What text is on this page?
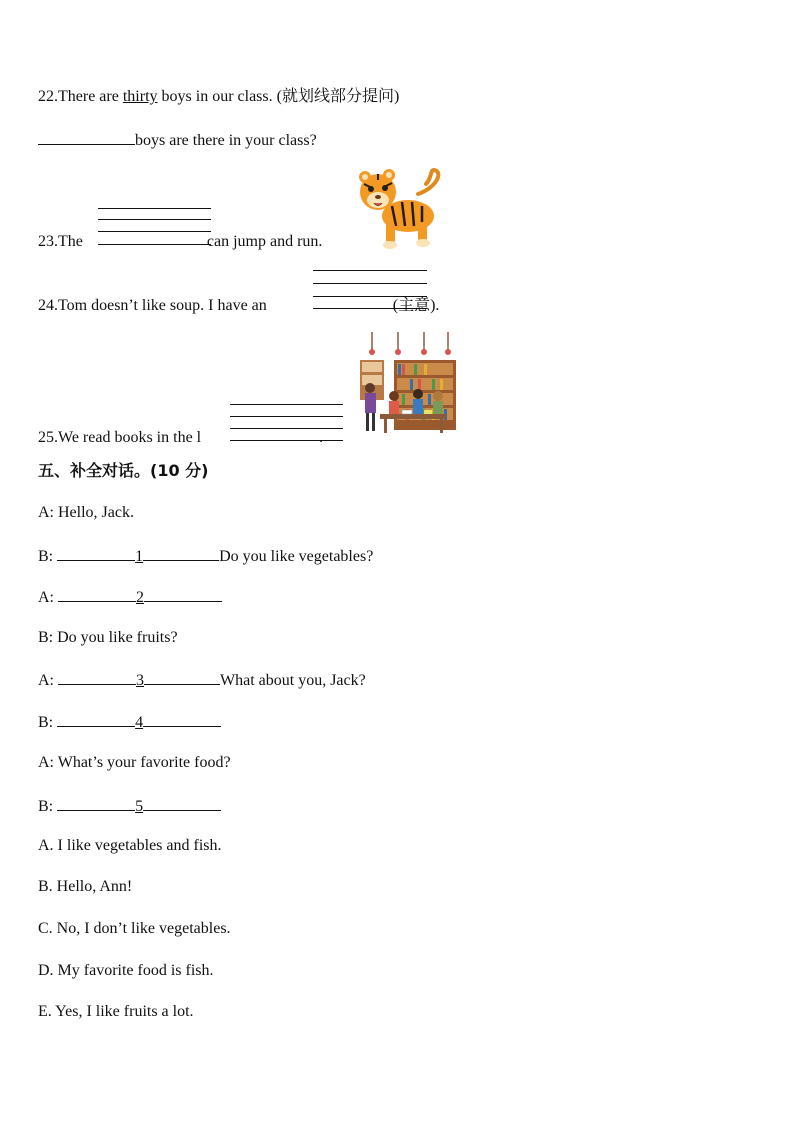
22.There are thirty boys in our class. (就划线部分提问)
boys are there in your class?
23.The	can jump and run.
24.Tom doesn’t like soup. I have an	(主意).
25.We read books in the l	.
五、补全对话。(10 分)
A: Hello, Jack.
B:	1	Do you like vegetables?
A:	2
B: Do you like fruits?
A:	3	What about you, Jack?
B:	4
A: What’s your favorite food?
B:	5
A. I like vegetables and fish.
B. Hello, Ann!
C. No, I don’t like vegetables.
D. My favorite food is fish.
E. Yes, I like fruits a lot.
